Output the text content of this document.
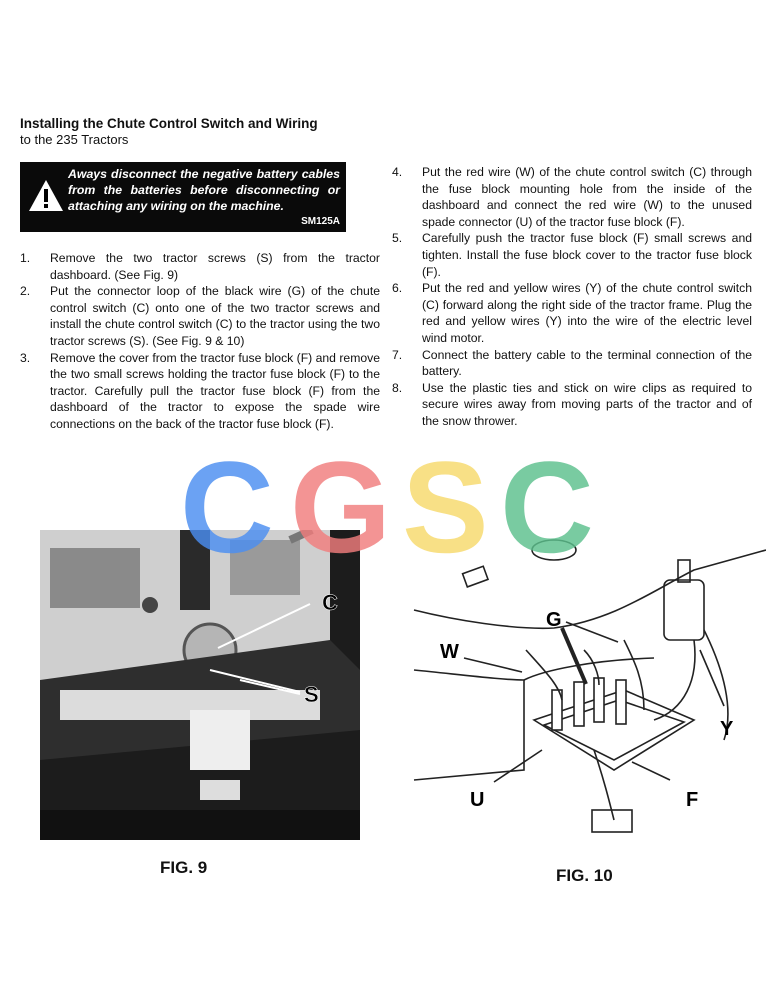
Installing the Chute Control Switch and Wiring
to the 235 Tractors
Aways disconnect the negative battery cables from the batteries before disconnecting or attaching any wiring on the machine.
SM125A
1. Remove the two tractor screws (S) from the tractor dashboard. (See Fig. 9)
2. Put the connector loop of the black wire (G) of the chute control switch (C) onto one of the two tractor screws and install the chute control switch (C) to the tractor using the two tractor screws (S). (See Fig. 9 & 10)
3. Remove the cover from the tractor fuse block (F) and remove the two small screws holding the tractor fuse block (F) to the tractor. Carefully pull the tractor fuse block (F) from the dashboard of the tractor to expose the spade wire connections on the back of the tractor fuse block (F).
4. Put the red wire (W) of the chute control switch (C) through the fuse block mounting hole from the inside of the dashboard and connect the red wire (W) to the unused spade connector (U) of the tractor fuse block (F).
5. Carefully push the tractor fuse block (F) small screws and tighten. Install the fuse block cover to the tractor fuse block (F).
6. Put the red and yellow wires (Y) of the chute control switch (C) forward along the right side of the tractor frame. Plug the red and yellow wires (Y) into the wire of the electric level wind motor.
7. Connect the battery cable to the terminal connection of the battery.
8. Use the plastic ties and stick on wire clips as required to secure wires away from moving parts of the tractor and of the snow thrower.
C
S
FIG. 9
G
W
Y
U	F
FIG. 10
C G S C
